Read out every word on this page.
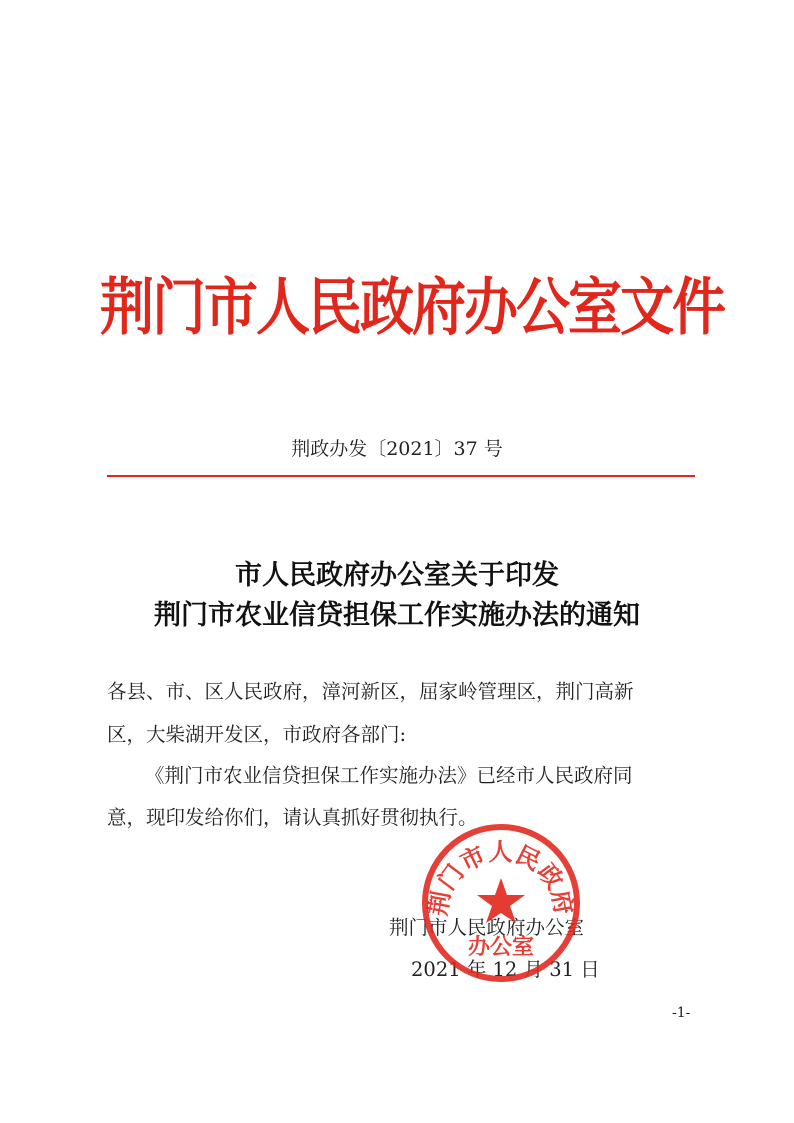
荆门市人民政府办公室文件
荆政办发〔2021〕37 号
市人民政府办公室关于印发
荆门市农业信贷担保工作实施办法的通知
各县、市、区人民政府，漳河新区，屈家岭管理区，荆门高新
区，大柴湖开发区，市政府各部门:
《荆门市农业信贷担保工作实施办法》已经市人民政府同
意，现印发给你们，请认真抓好贯彻执行。
荆门市人民政府办公室
2021 年 12 月 31 日
荆门市人民政府
办公室
-1-
